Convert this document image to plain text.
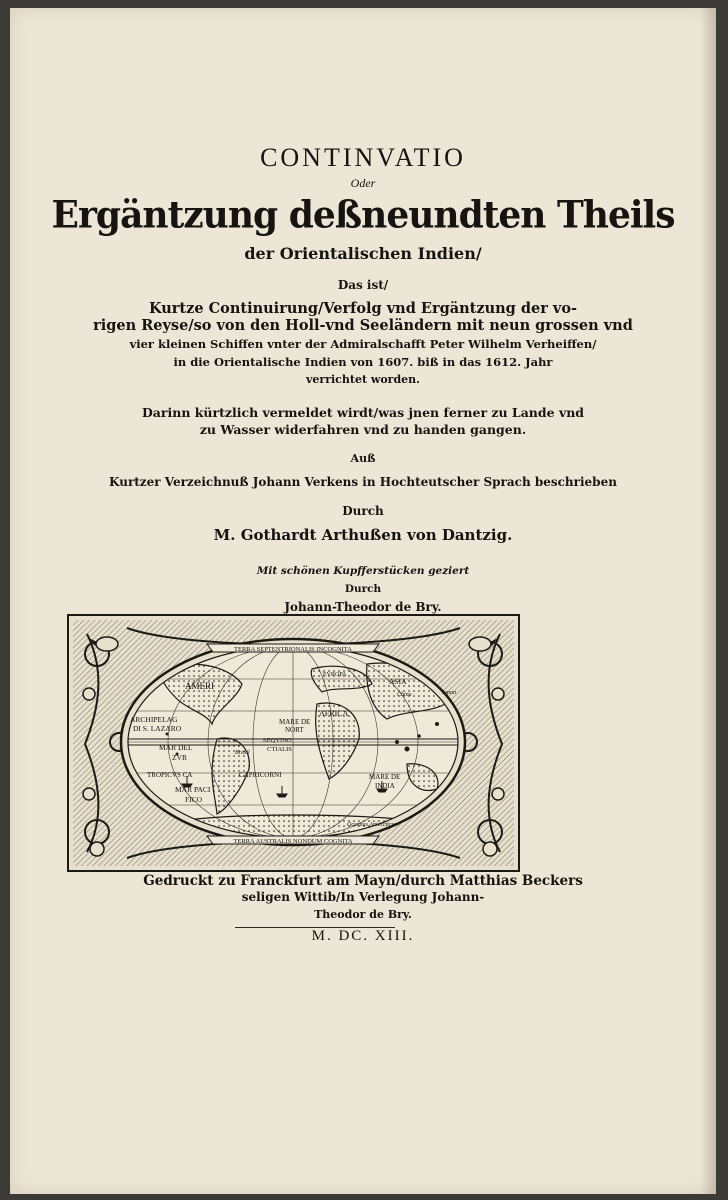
CONTINVATIO
Oder
Ergäntzung deßneundten Theils
der Orientalischen Indien/
Das ist/
Kurtze Continuirung/Verfolg vnd Ergäntzung der vo-
rigen Reyse/so von den Holl-vnd Seeländern mit neun grossen vnd
vier kleinen Schiffen vnter der Admiralschafft Peter Wilhelm Verheiffen/
in die Orientalische Indien von 1607. biß in das 1612. Jahr
verrichtet worden.
Darinn kürtzlich vermeldet wirdt/was jnen ferner zu Lande vnd
zu Wasser widerfahren vnd zu handen gangen.
Auß
Kurtzer Verzeichnuß Johann Verkens in Hochteutscher Sprach beschrieben
Durch
M. Gothardt Arthußen von Dantzig.
Mit schönen Kupfferstücken geziert
Durch
Johann-Theodor de Bry.
TERRA SEPTENTRIONALIS INCOGNITA
TERRA AUSTRALIS NONDUM COGNITA
Oceanus Antarcticus
AMERI
ARCHIPELAG
DI S. LAZARO
MAR DEL
ZVR
TROPICVS CA	CAPRICORNI
MAR PACI
FICO
MARE DE
NORT
AFRICA
ASIA
China	Iapan
EVROPA
Brasil
MARE DE
INDIA
AEQVINO
CTIALIS
Gedruckt zu Franckfurt am Mayn/durch Matthias Beckers
seligen Wittib/In Verlegung Johann-
Theodor de Bry.
M. DC. XIII.
